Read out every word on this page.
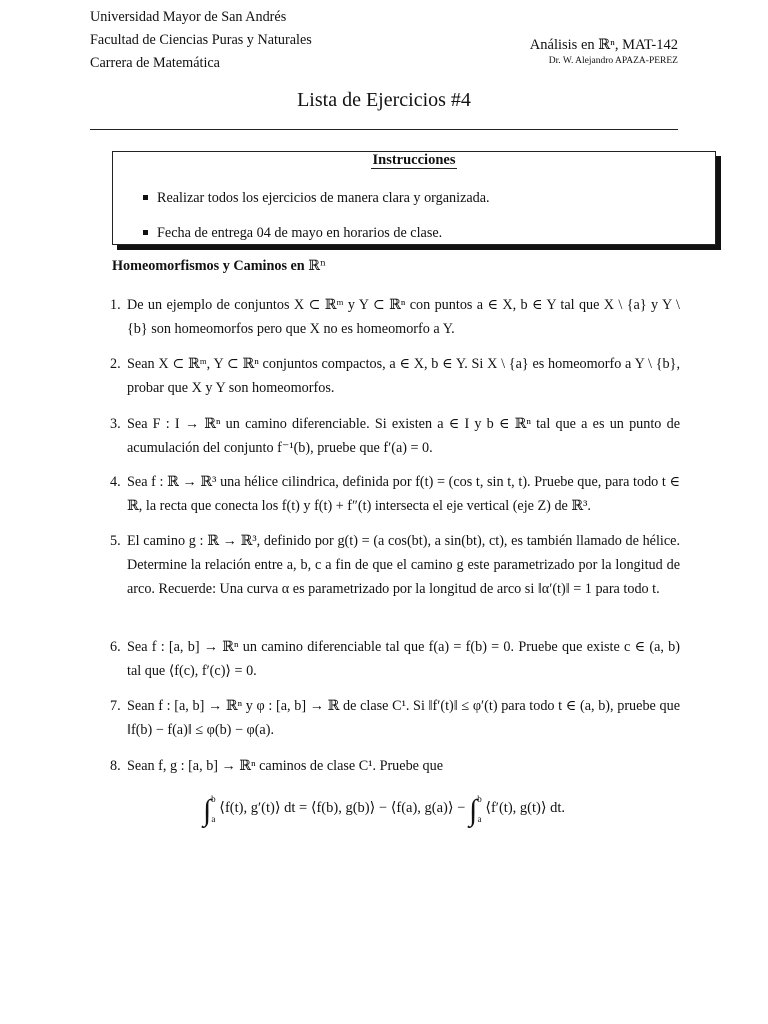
Universidad Mayor de San Andrés
Facultad de Ciencias Puras y Naturales
Carrera de Matemática
Análisis en ℝⁿ, MAT-142
Dr. W. Alejandro APAZA-PEREZ
Lista de Ejercicios #4
Instrucciones
Realizar todos los ejercicios de manera clara y organizada.
Fecha de entrega 04 de mayo en horarios de clase.
Homeomorfismos y Caminos en ℝⁿ
1. De un ejemplo de conjuntos X ⊂ ℝᵐ y Y ⊂ ℝⁿ con puntos a ∈ X, b ∈ Y tal que X \ {a} y Y \ {b} son homeomorfos pero que X no es homeomorfo a Y.
2. Sean X ⊂ ℝᵐ, Y ⊂ ℝⁿ conjuntos compactos, a ∈ X, b ∈ Y. Si X \ {a} es homeomorfo a Y \ {b}, probar que X y Y son homeomorfos.
3. Sea F : I → ℝⁿ un camino diferenciable. Si existen a ∈ I y b ∈ ℝⁿ tal que a es un punto de acumulación del conjunto f⁻¹(b), pruebe que f′(a) = 0.
4. Sea f : ℝ → ℝ³ una hélice cilindrica, definida por f(t) = (cos t, sin t, t). Pruebe que, para todo t ∈ ℝ, la recta que conecta los f(t) y f(t) + f″(t) intersecta el eje vertical (eje Z) de ℝ³.
5. El camino g : ℝ → ℝ³, definido por g(t) = (a cos(bt), a sin(bt), ct), es también llamado de hélice. Determine la relación entre a, b, c a fin de que el camino g este parametrizado por la longitud de arco. Recuerde: Una curva α es parametrizado por la longitud de arco si ‖α′(t)‖ = 1 para todo t.
6. Sea f : [a, b] → ℝⁿ un camino diferenciable tal que f(a) = f(b) = 0. Pruebe que existe c ∈ (a, b) tal que ⟨f(c), f′(c)⟩ = 0.
7. Sean f : [a, b] → ℝⁿ y φ : [a, b] → ℝ de clase C¹. Si ‖f′(t)‖ ≤ φ′(t) para todo t ∈ (a, b), pruebe que ‖f(b) − f(a)‖ ≤ φ(b) − φ(a).
8. Sean f, g : [a, b] → ℝⁿ caminos de clase C¹. Pruebe que
∫b

a ⟨f(t), g′(t)⟩ dt = ⟨f(b), g(b)⟩ − ⟨f(a), g(a)⟩ − ∫b

a ⟨f′(t), g(t)⟩ dt.
